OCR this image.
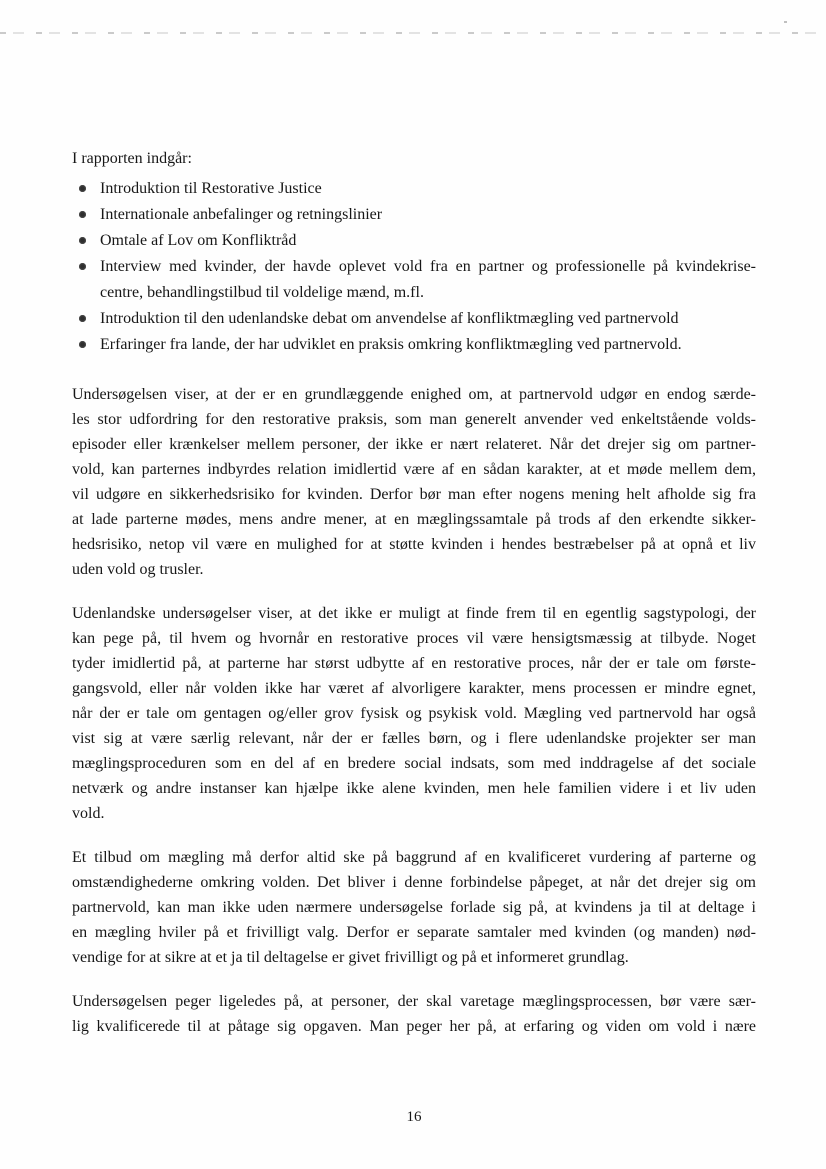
I rapporten indgår:
Introduktion til Restorative Justice
Internationale anbefalinger og retningslinier
Omtale af Lov om Konfliktråd
Interview med kvinder, der havde oplevet vold fra en partner og professionelle på kvindekrise-
centre, behandlingstilbud til voldelige mænd, m.fl.
Introduktion til den udenlandske debat om anvendelse af konfliktmægling ved partnervold
Erfaringer fra lande, der har udviklet en praksis omkring konfliktmægling ved partnervold.
Undersøgelsen viser, at der er en grundlæggende enighed om, at partnervold udgør en endog særde-
les stor udfordring for den restorative praksis, som man generelt anvender ved enkeltstående volds-
episoder eller krænkelser mellem personer, der ikke er nært relateret. Når det drejer sig om partner-
vold, kan parternes indbyrdes relation imidlertid være af en sådan karakter, at et møde mellem dem,
vil udgøre en sikkerhedsrisiko for kvinden. Derfor bør man efter nogens mening helt afholde sig fra
at lade parterne mødes, mens andre mener, at en mæglingssamtale på trods af den erkendte sikker-
hedsrisiko, netop vil være en mulighed for at støtte kvinden i hendes bestræbelser på at opnå et liv
uden vold og trusler.
Udenlandske undersøgelser viser, at det ikke er muligt at finde frem til en egentlig sagstypologi, der
kan pege på, til hvem og hvornår en restorative proces vil være hensigtsmæssig at tilbyde. Noget
tyder imidlertid på, at parterne har størst udbytte af en restorative proces, når der er tale om første-
gangsvold, eller når volden ikke har været af alvorligere karakter, mens processen er mindre egnet,
når der er tale om gentagen og/eller grov fysisk og psykisk vold. Mægling ved partnervold har også
vist sig at være særlig relevant, når der er fælles børn, og i flere udenlandske projekter ser man
mæglingsproceduren som en del af en bredere social indsats, som med inddragelse af det sociale
netværk og andre instanser kan hjælpe ikke alene kvinden, men hele familien videre i et liv uden
vold.
Et tilbud om mægling må derfor altid ske på baggrund af en kvalificeret vurdering af parterne og
omstændighederne omkring volden. Det bliver i denne forbindelse påpeget, at når det drejer sig om
partnervold, kan man ikke uden nærmere undersøgelse forlade sig på, at kvindens ja til at deltage i
en mægling hviler på et frivilligt valg. Derfor er separate samtaler med kvinden (og manden) nød-
vendige for at sikre at et ja til deltagelse er givet frivilligt og på et informeret grundlag.
Undersøgelsen peger ligeledes på, at personer, der skal varetage mæglingsprocessen, bør være sær-
lig kvalificerede til at påtage sig opgaven. Man peger her på, at erfaring og viden om vold i nære
16
